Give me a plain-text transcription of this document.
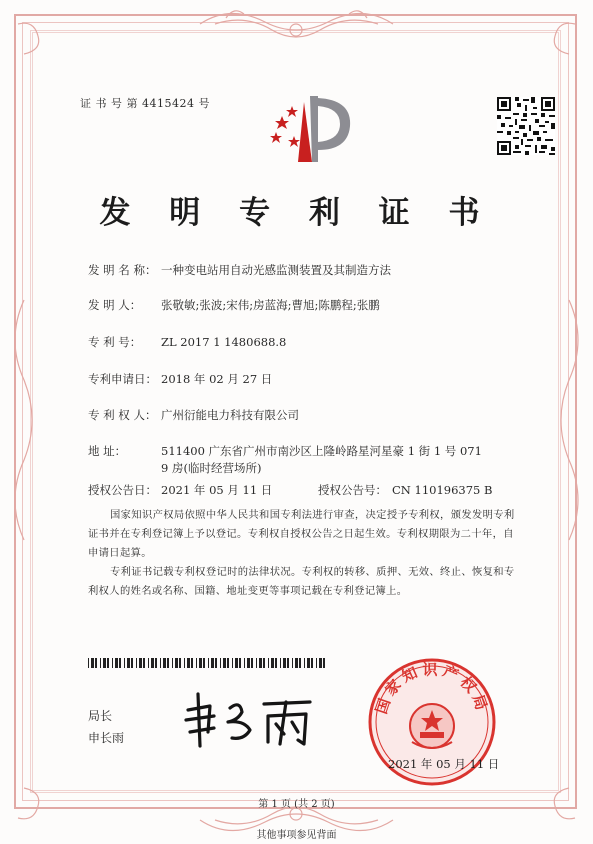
证 书 号 第 4415424 号
发 明 专 利 证 书
发 明 名 称： 一种变电站用自动光感监测装置及其制造方法
发 明 人： 张敬敏;张波;宋伟;房蓝海;曹旭;陈鹏程;张鹏
专 利 号： ZL 2017 1 1480688.8
专利申请日： 2018 年 02 月 27 日
专 利 权 人： 广州衍能电力科技有限公司
地 址：	511400 广东省广州市南沙区上隆岭路星河星豪 1 街 1 号 071
9 房(临时经营场所)
授权公告日： 2021 年 05 月 11 日	授权公告号： CN 110196375 B
国家知识产权局依照中华人民共和国专利法进行审查，决定授予专利权，颁发发明专利
证书并在专利登记簿上予以登记。专利权自授权公告之日起生效。专利权期限为二十年，自
申请日起算。
专利证书记载专利权登记时的法律状况。专利权的转移、质押、无效、终止、恢复和专
利权人的姓名或名称、国籍、地址变更等事项记载在专利登记簿上。
局长
申长雨
国家知识产权局
2021 年 05 月 11 日
第 1 页 (共 2 页)
其他事项参见背面
